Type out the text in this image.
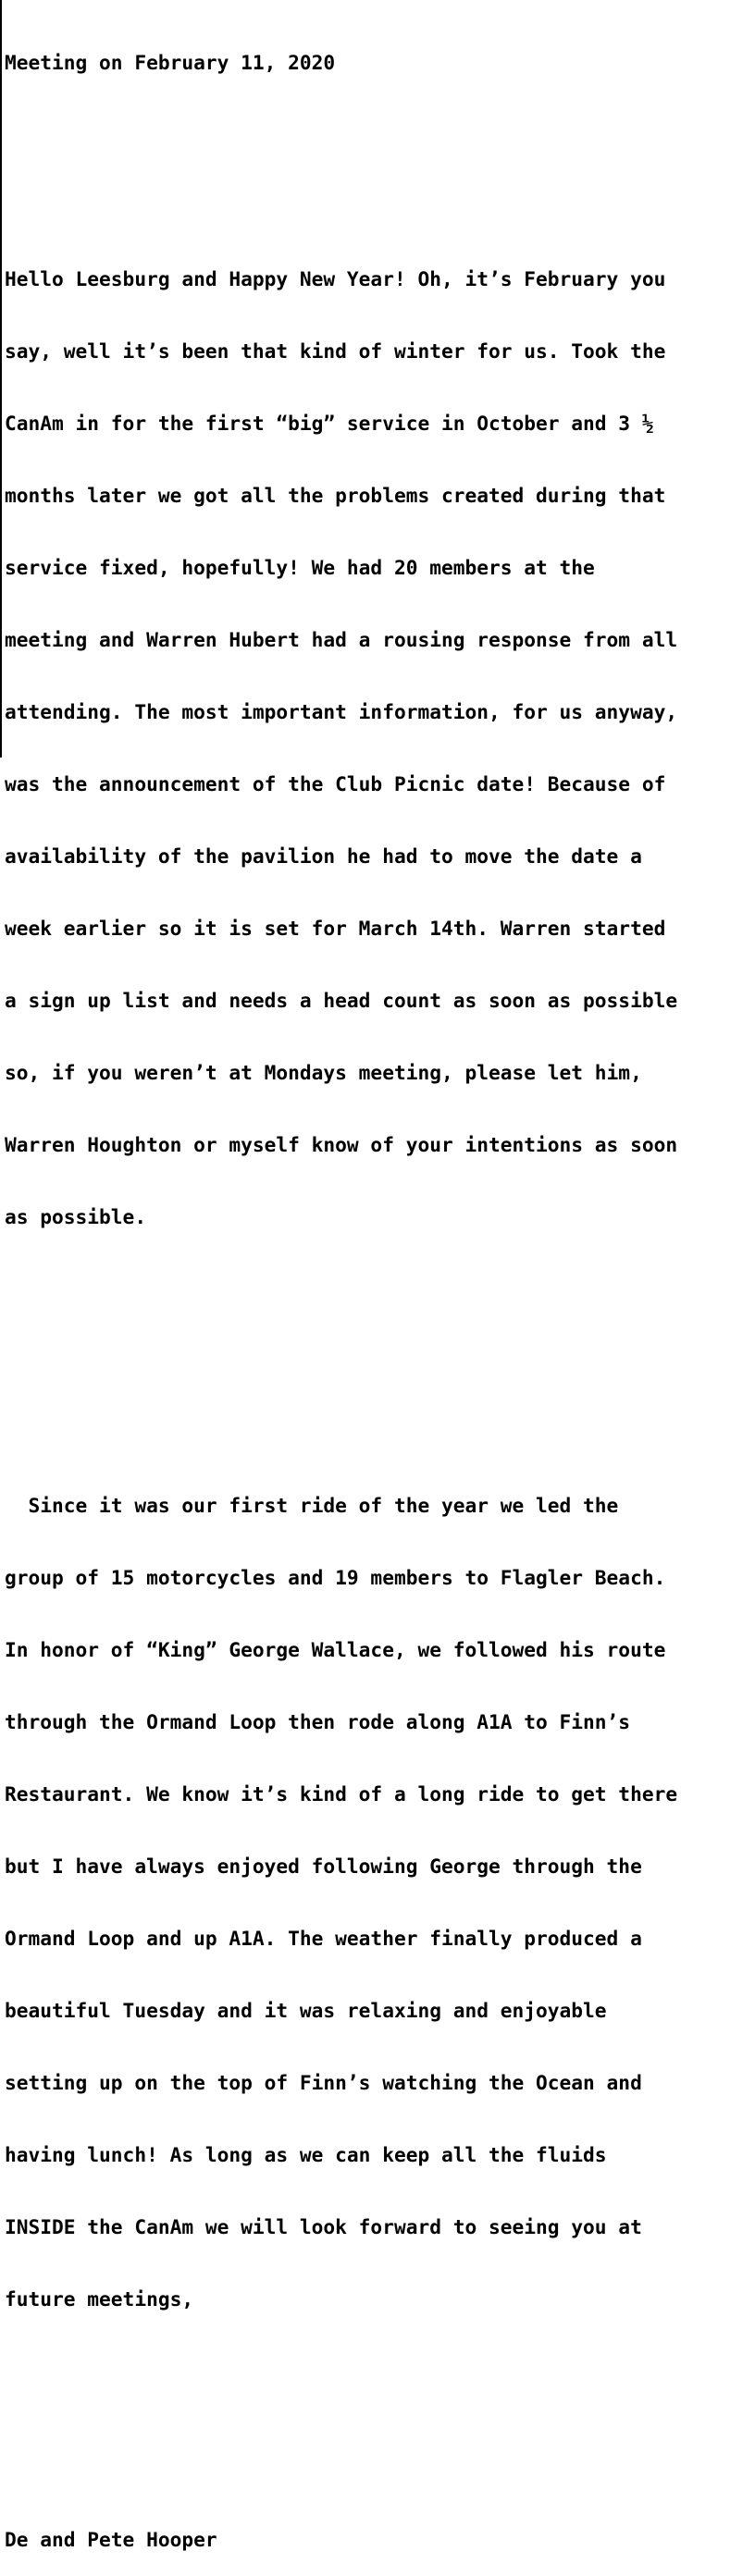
Meeting on February 11, 2020

Hello Leesburg and Happy New Year! Oh, it’s February you

say, well it’s been that kind of winter for us. Took the

CanAm in for the first “big” service in October and 3 ½

months later we got all the problems created during that

service fixed, hopefully! We had 20 members at the

meeting and Warren Hubert had a rousing response from all

attending. The most important information, for us anyway,

was the announcement of the Club Picnic date! Because of

availability of the pavilion he had to move the date a

week earlier so it is set for March 14th. Warren started

a sign up list and needs a head count as soon as possible

so, if you weren’t at Mondays meeting, please let him,

Warren Houghton or myself know of your intentions as soon

as possible.

Since it was our first ride of the year we led the

group of 15 motorcycles and 19 members to Flagler Beach.

In honor of “King” George Wallace, we followed his route

through the Ormand Loop then rode along A1A to Finn’s

Restaurant. We know it’s kind of a long ride to get there

but I have always enjoyed following George through the

Ormand Loop and up A1A. The weather finally produced a

beautiful Tuesday and it was relaxing and enjoyable

setting up on the top of Finn’s watching the Ocean and

having lunch! As long as we can keep all the fluids

INSIDE the CanAm we will look forward to seeing you at

future meetings,

De and Pete Hooper
